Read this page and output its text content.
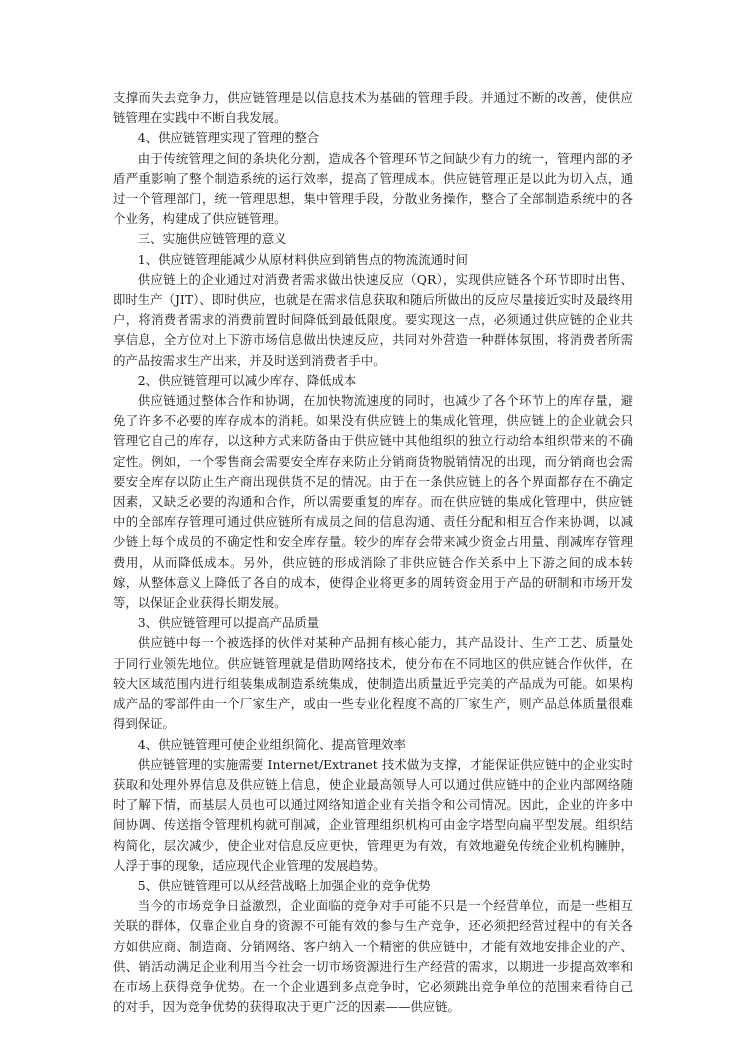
支撑而失去竞争力，供应链管理是以信息技术为基础的管理手段。并通过不断的改善，使供应链管理在实践中不断自我发展。

4、供应链管理实现了管理的整合

由于传统管理之间的条块化分割，造成各个管理环节之间缺少有力的统一，管理内部的矛盾严重影响了整个制造系统的运行效率，提高了管理成本。供应链管理正是以此为切入点，通过一个管理部门，统一管理思想，集中管理手段，分散业务操作，整合了全部制造系统中的各个业务，构建成了供应链管理。

三、实施供应链管理的意义

1、供应链管理能减少从原材料供应到销售点的物流流通时间

供应链上的企业通过对消费者需求做出快速反应（QR），实现供应链各个环节即时出售、即时生产（JIT）、即时供应，也就是在需求信息获取和随后所做出的反应尽量接近实时及最终用户，将消费者需求的消费前置时间降低到最低限度。要实现这一点，必须通过供应链的企业共享信息，全方位对上下游市场信息做出快速反应，共同对外营造一种群体氛围，将消费者所需的产品按需求生产出来，并及时送到消费者手中。

2、供应链管理可以减少库存、降低成本

供应链通过整体合作和协调，在加快物流速度的同时，也减少了各个环节上的库存量，避免了许多不必要的库存成本的消耗。如果没有供应链上的集成化管理，供应链上的企业就会只管理它自己的库存，以这种方式来防备由于供应链中其他组织的独立行动给本组织带来的不确定性。例如，一个零售商会需要安全库存来防止分销商货物脱销情况的出现，而分销商也会需要安全库存以防止生产商出现供货不足的情况。由于在一条供应链上的各个界面都存在不确定因素，又缺乏必要的沟通和合作，所以需要重复的库存。而在供应链的集成化管理中，供应链中的全部库存管理可通过供应链所有成员之间的信息沟通、责任分配和相互合作来协调，以减少链上每个成员的不确定性和安全库存量。较少的库存会带来减少资金占用量、削减库存管理费用，从而降低成本。另外，供应链的形成消除了非供应链合作关系中上下游之间的成本转嫁，从整体意义上降低了各自的成本，使得企业将更多的周转资金用于产品的研制和市场开发等，以保证企业获得长期发展。

3、供应链管理可以提高产品质量

供应链中每一个被选择的伙伴对某种产品拥有核心能力，其产品设计、生产工艺、质量处于同行业领先地位。供应链管理就是借助网络技术，使分布在不同地区的供应链合作伙伴，在较大区域范围内进行组装集成制造系统集成，使制造出质量近乎完美的产品成为可能。如果构成产品的零部件由一个厂家生产，或由一些专业化程度不高的厂家生产，则产品总体质量很难得到保证。

4、供应链管理可使企业组织简化、提高管理效率

供应链管理的实施需要 Internet/Extranet 技术做为支撑，才能保证供应链中的企业实时获取和处理外界信息及供应链上信息，使企业最高领导人可以通过供应链中的企业内部网络随时了解下情，而基层人员也可以通过网络知道企业有关指令和公司情况。因此，企业的许多中间协调、传送指令管理机构就可削减，企业管理组织机构可由金字塔型向扁平型发展。组织结构简化，层次减少，使企业对信息反应更快，管理更为有效，有效地避免传统企业机构臃肿，人浮于事的现象，适应现代企业管理的发展趋势。

5、供应链管理可以从经营战略上加强企业的竞争优势

当今的市场竞争日益激烈，企业面临的竞争对手可能不只是一个经营单位，而是一些相互关联的群体，仅靠企业自身的资源不可能有效的参与生产竞争，还必须把经营过程中的有关各方如供应商、制造商、分销网络、客户纳入一个精密的供应链中，才能有效地安排企业的产、供、销活动满足企业利用当今社会一切市场资源进行生产经营的需求，以期进一步提高效率和在市场上获得竞争优势。在一个企业遇到多点竞争时，它必须跳出竞争单位的范围来看待自己的对手，因为竞争优势的获得取决于更广泛的因素——供应链。
